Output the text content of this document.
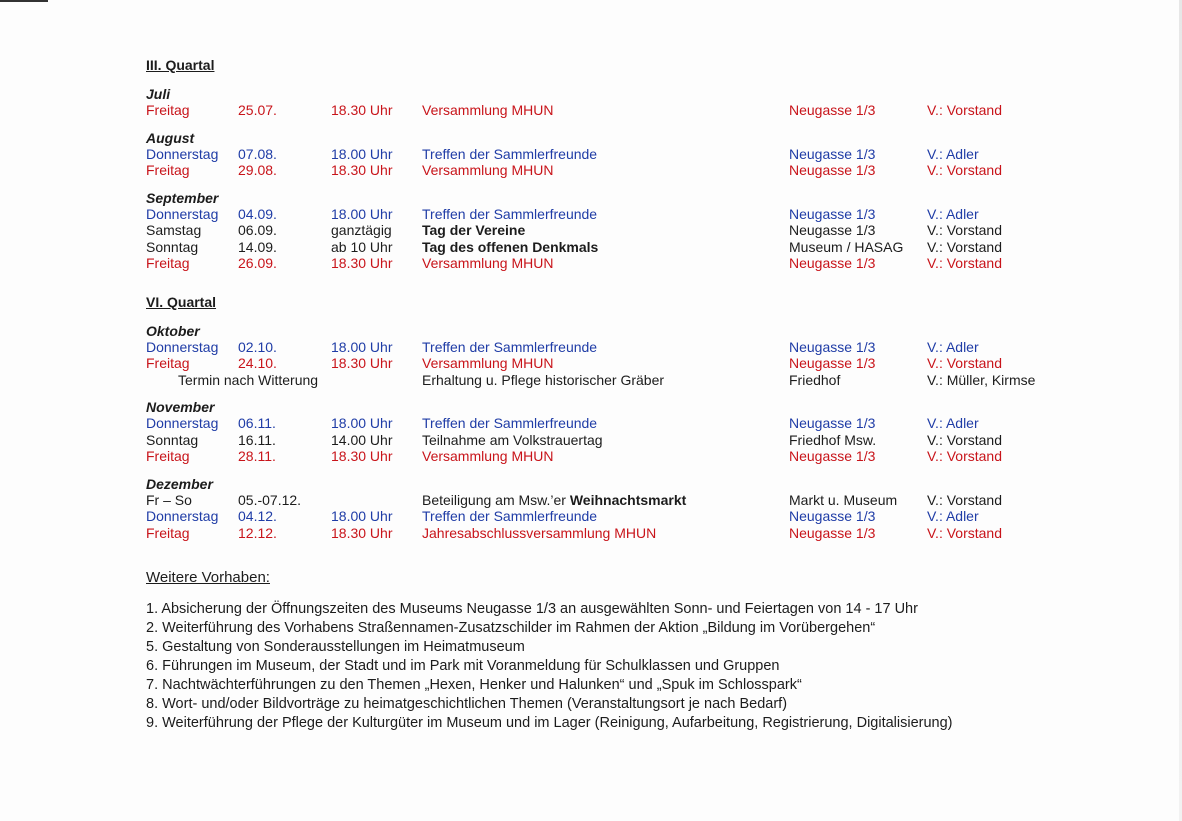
III. Quartal
Juli
Freitag	25.07.	18.30 Uhr Versammlung MHUN	Neugasse 1/3	V.: Vorstand
August
Donnerstag 07.08.	18.00 Uhr Treffen der Sammlerfreunde	Neugasse 1/3	V.: Adler
Freitag	29.08.	18.30 Uhr Versammlung MHUN	Neugasse 1/3	V.: Vorstand
September
Donnerstag 04.09.	18.00 Uhr Treffen der Sammlerfreunde	Neugasse 1/3	V.: Adler
Samstag	06.09.	ganztägig Tag der Vereine	Neugasse 1/3	V.: Vorstand
Sonntag	14.09.	ab 10 Uhr Tag des offenen Denkmals	Museum / HASAG V.: Vorstand
Freitag	26.09.	18.30 Uhr Versammlung MHUN	Neugasse 1/3	V.: Vorstand
VI. Quartal
Oktober
Donnerstag 02.10.	18.00 Uhr Treffen der Sammlerfreunde	Neugasse 1/3	V.: Adler
Freitag	24.10.	18.30 Uhr Versammlung MHUN	Neugasse 1/3	V.: Vorstand
Termin nach Witterung	Erhaltung u. Pflege historischer Gräber	Friedhof	V.: Müller, Kirmse
November
Donnerstag 06.11.	18.00 Uhr Treffen der Sammlerfreunde	Neugasse 1/3	V.: Adler
Sonntag	16.11.	14.00 Uhr Teilnahme am Volkstrauertag	Friedhof Msw.	V.: Vorstand
Freitag	28.11.	18.30 Uhr Versammlung MHUN	Neugasse 1/3	V.: Vorstand
Dezember
Fr – So	05.-07.12.	Beteiligung am Msw.’er Weihnachtsmarkt	Markt u. Museum V.: Vorstand
Donnerstag 04.12.	18.00 Uhr Treffen der Sammlerfreunde	Neugasse 1/3	V.: Adler
Freitag	12.12.	18.30 Uhr Jahresabschlussversammlung MHUN	Neugasse 1/3	V.: Vorstand
Weitere Vorhaben:
1. Absicherung der Öffnungszeiten des Museums Neugasse 1/3 an ausgewählten Sonn- und Feiertagen von 14 - 17 Uhr
2. Weiterführung des Vorhabens Straßennamen-Zusatzschilder im Rahmen der Aktion „Bildung im Vorübergehen“
5. Gestaltung von Sonderausstellungen im Heimatmuseum
6. Führungen im Museum, der Stadt und im Park mit Voranmeldung für Schulklassen und Gruppen
7. Nachtwächterführungen zu den Themen „Hexen, Henker und Halunken“ und „Spuk im Schlosspark“
8. Wort- und/oder Bildvorträge zu heimatgeschichtlichen Themen (Veranstaltungsort je nach Bedarf)
9. Weiterführung der Pflege der Kulturgüter im Museum und im Lager (Reinigung, Aufarbeitung, Registrierung, Digitalisierung)
